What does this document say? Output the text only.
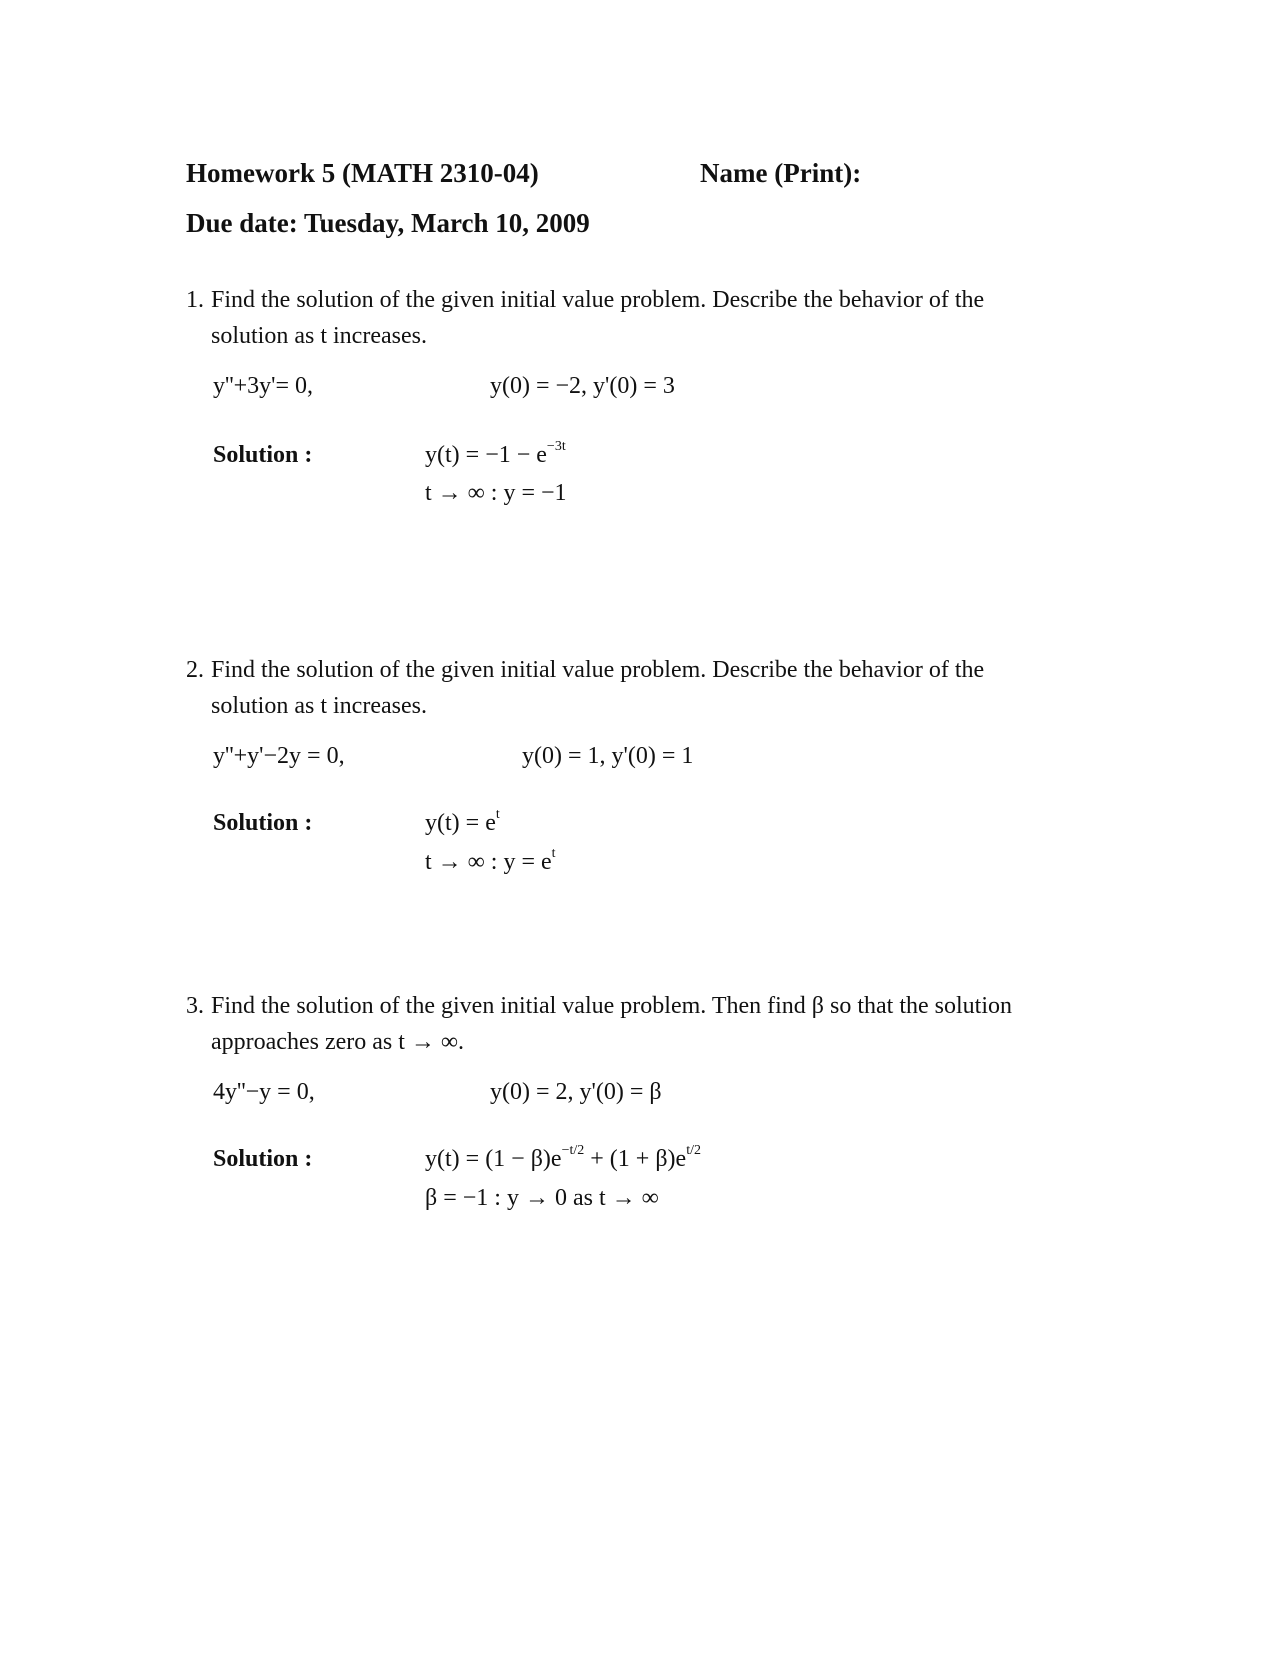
Homework 5 (MATH 2310-04)	Name (Print):
Due date: Tuesday, March 10, 2009
1. Find the solution of the given initial value problem. Describe the behavior of the
solution as t increases.
y''+3y'= 0,	y(0) = −2, y'(0) = 3
Solution :	$y(t) = -1 - e^{-3t}$
t → ∞ : y = −1
2. Find the solution of the given initial value problem. Describe the behavior of the
solution as t increases.
y''+y'−2y = 0,	y(0) = 1, y'(0) = 1
Solution :	$y(t) = e^t$
t → ∞ : $y = e^t$
3. Find the solution of the given initial value problem. Then find β so that the solution
approaches zero as t → ∞.
4y''−y = 0,	y(0) = 2, y'(0) = β
Solution :	$y(t) = (1 - \beta)e^{-t/2} + (1 + \beta)e^{t/2}$
β = −1 : y → 0 as t → ∞
